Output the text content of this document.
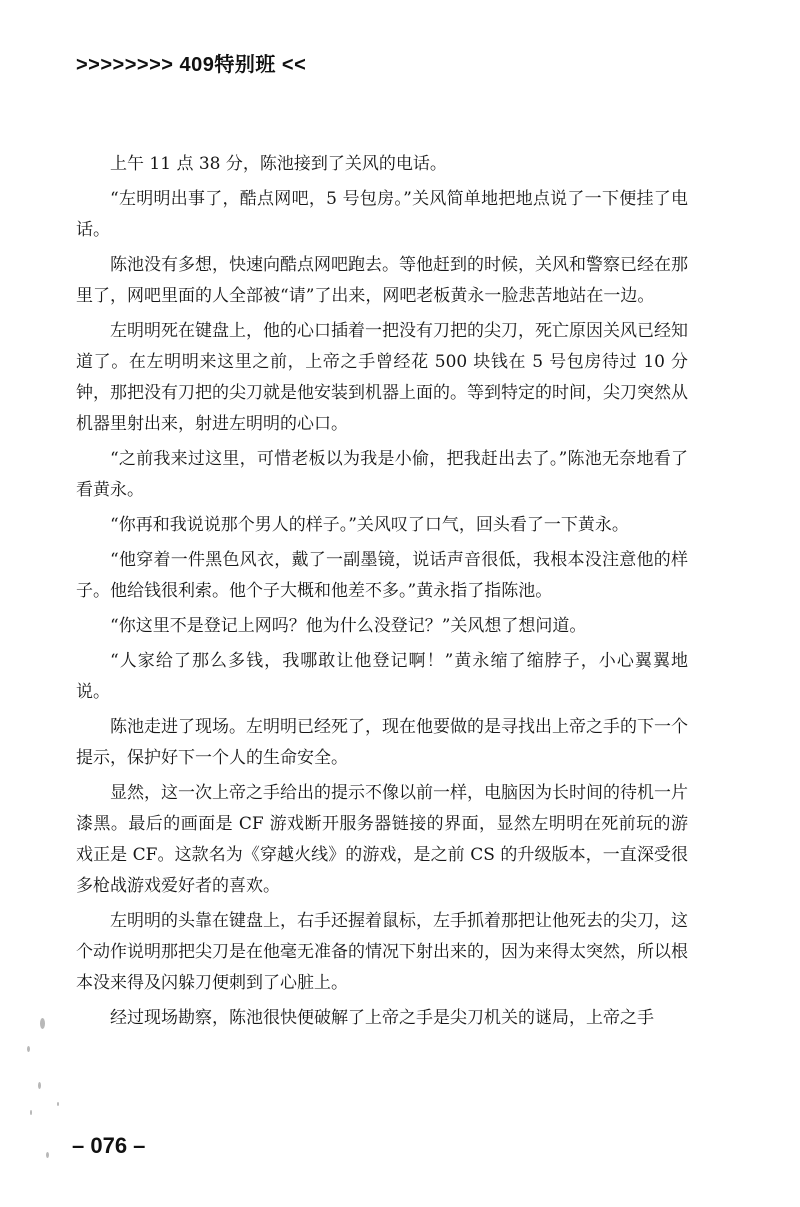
>>>>>>>> 409特别班 <<

上午 11 点 38 分，陈池接到了关风的电话。

“左明明出事了，酷点网吧，5 号包房。”关风简单地把地点说了一下便挂了电话。

陈池没有多想，快速向酷点网吧跑去。等他赶到的时候，关风和警察已经在那里了，网吧里面的人全部被“请”了出来，网吧老板黄永一脸悲苦地站在一边。

左明明死在键盘上，他的心口插着一把没有刀把的尖刀，死亡原因关风已经知道了。在左明明来这里之前，上帝之手曾经花 500 块钱在 5 号包房待过 10 分钟，那把没有刀把的尖刀就是他安装到机器上面的。等到特定的时间，尖刀突然从机器里射出来，射进左明明的心口。

“之前我来过这里，可惜老板以为我是小偷，把我赶出去了。”陈池无奈地看了看黄永。

“你再和我说说那个男人的样子。”关风叹了口气，回头看了一下黄永。

“他穿着一件黑色风衣，戴了一副墨镜，说话声音很低，我根本没注意他的样子。他给钱很利索。他个子大概和他差不多。”黄永指了指陈池。

“你这里不是登记上网吗？他为什么没登记？”关风想了想问道。

“人家给了那么多钱，我哪敢让他登记啊！”黄永缩了缩脖子，小心翼翼地说。

陈池走进了现场。左明明已经死了，现在他要做的是寻找出上帝之手的下一个提示，保护好下一个人的生命安全。

显然，这一次上帝之手给出的提示不像以前一样，电脑因为长时间的待机一片漆黑。最后的画面是 CF 游戏断开服务器链接的界面，显然左明明在死前玩的游戏正是 CF。这款名为《穿越火线》的游戏，是之前 CS 的升级版本，一直深受很多枪战游戏爱好者的喜欢。

左明明的头靠在键盘上，右手还握着鼠标，左手抓着那把让他死去的尖刀，这个动作说明那把尖刀是在他毫无准备的情况下射出来的，因为来得太突然，所以根本没来得及闪躲刀便刺到了心脏上。

经过现场勘察，陈池很快便破解了上帝之手是尖刀机关的谜局，上帝之手

– 076 –
